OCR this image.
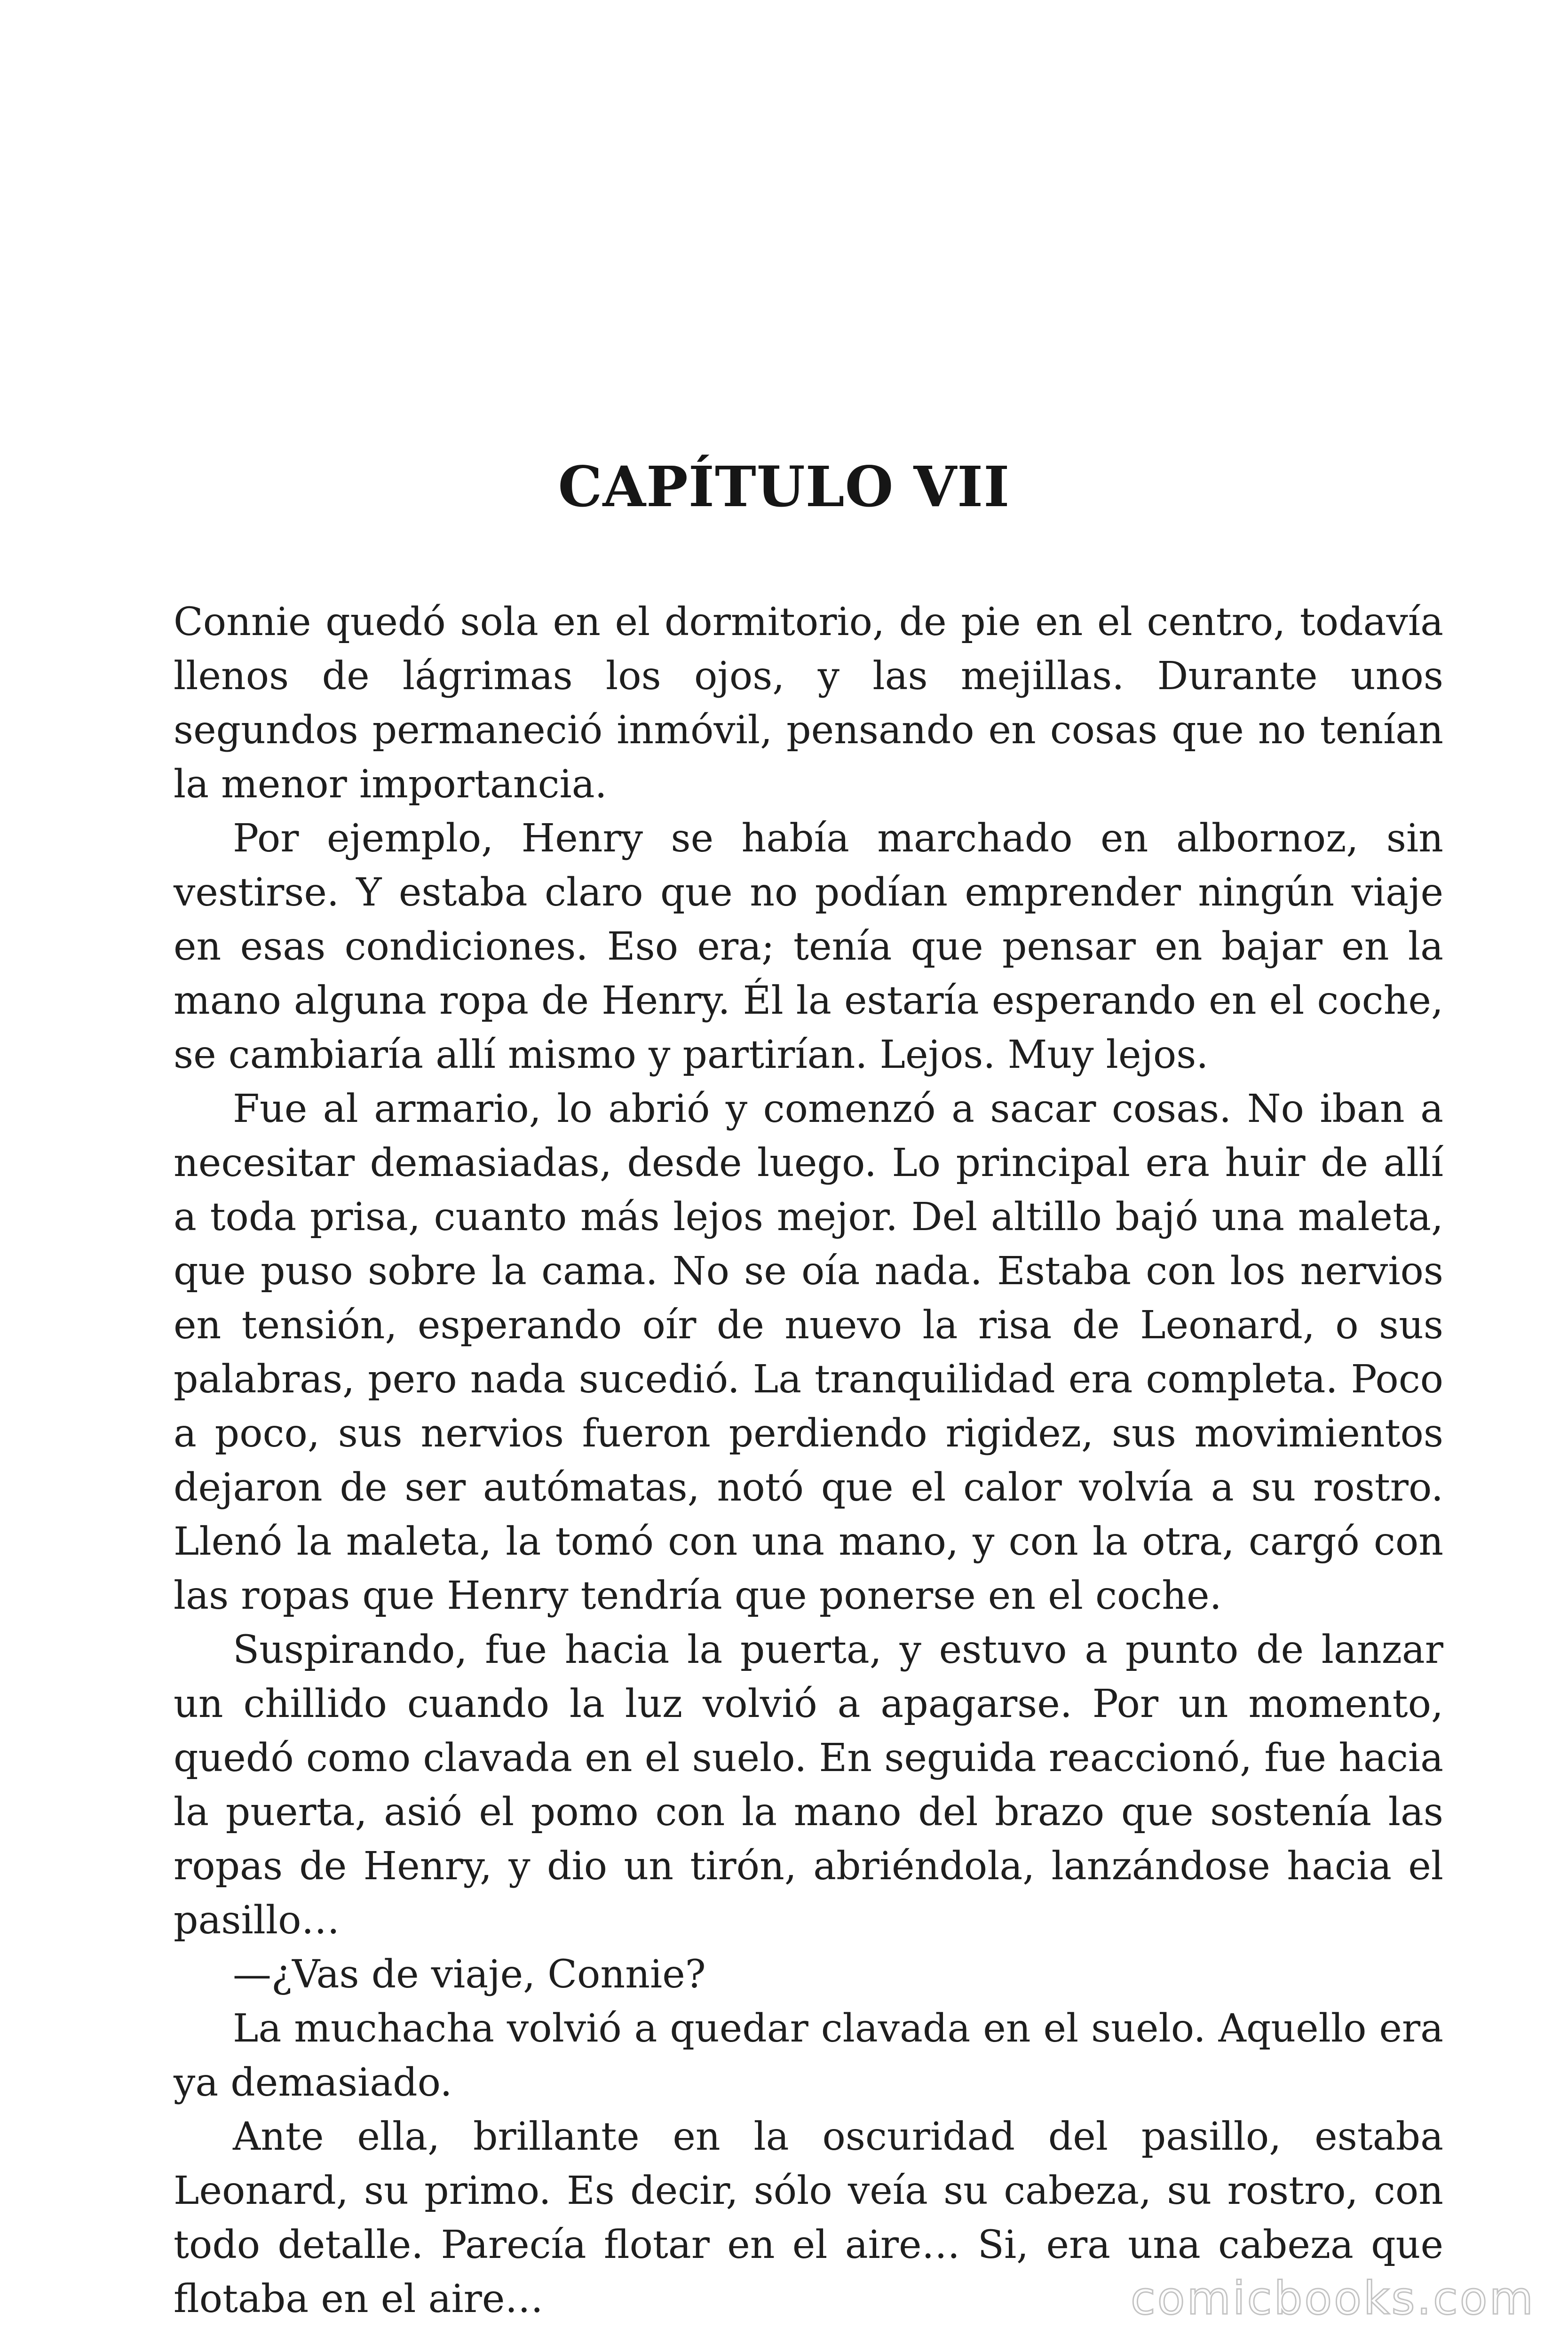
CAPÍTULO VII

Connie quedó sola en el dormitorio, de pie en el centro, todavía llenos de lágrimas los ojos, y las mejillas. Durante unos segundos permaneció inmóvil, pensando en cosas que no tenían la menor importancia.

Por ejemplo, Henry se había marchado en albornoz, sin vestirse. Y estaba claro que no podían emprender ningún viaje en esas condiciones. Eso era; tenía que pensar en bajar en la mano alguna ropa de Henry. Él la estaría esperando en el coche, se cambiaría allí mismo y partirían. Lejos. Muy lejos.

Fue al armario, lo abrió y comenzó a sacar cosas. No iban a necesitar demasiadas, desde luego. Lo principal era huir de allí a toda prisa, cuanto más lejos mejor. Del altillo bajó una maleta, que puso sobre la cama. No se oía nada. Estaba con los nervios en tensión, esperando oír de nuevo la risa de Leonard, o sus palabras, pero nada sucedió. La tranquilidad era completa. Poco a poco, sus nervios fueron perdiendo rigidez, sus movimientos dejaron de ser autómatas, notó que el calor volvía a su rostro. Llenó la maleta, la tomó con una mano, y con la otra, cargó con las ropas que Henry tendría que ponerse en el coche.

Suspirando, fue hacia la puerta, y estuvo a punto de lanzar un chillido cuando la luz volvió a apagarse. Por un momento, quedó como clavada en el suelo. En seguida reaccionó, fue hacia la puerta, asió el pomo con la mano del brazo que sostenía las ropas de Henry, y dio un tirón, abriéndola, lanzándose hacia el pasillo…

—¿Vas de viaje, Connie?

La muchacha volvió a quedar clavada en el suelo. Aquello era ya demasiado.

Ante ella, brillante en la oscuridad del pasillo, estaba Leonard, su primo. Es decir, sólo veía su cabeza, su rostro, con todo detalle. Parecía flotar en el aire… Si, era una cabeza que flotaba en el aire…	comicbooks.com
